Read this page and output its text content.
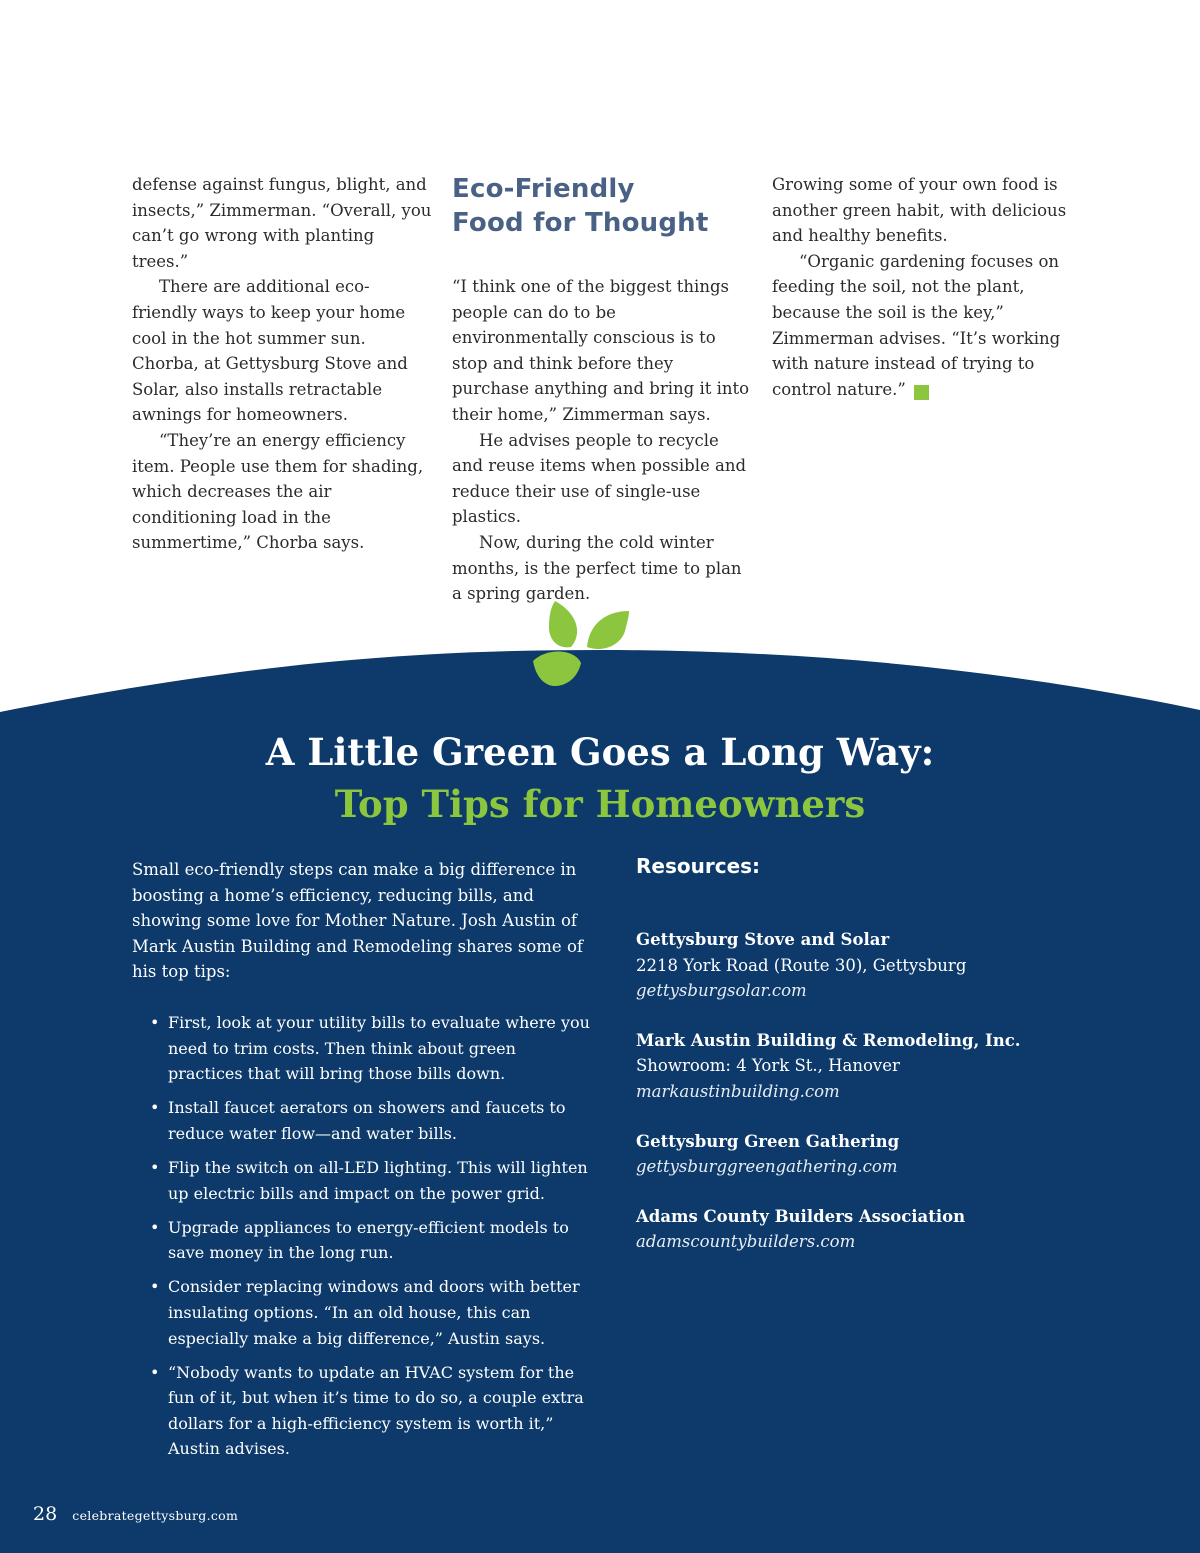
defense against fungus, blight, and insects,” Zimmerman. “Overall, you can’t go wrong with planting trees.”

There are additional eco-friendly ways to keep your home cool in the hot summer sun. Chorba, at Gettysburg Stove and Solar, also installs retractable awnings for homeowners.

“They’re an energy efficiency item. People use them for shading, which decreases the air conditioning load in the summertime,” Chorba says.

Eco-Friendly
Food for Thought

“I think one of the biggest things people can do to be environmentally conscious is to stop and think before they purchase anything and bring it into their home,” Zimmerman says.

He advises people to recycle and reuse items when possible and reduce their use of single-use plastics.

Now, during the cold winter months, is the perfect time to plan a spring garden.

Growing some of your own food is another green habit, with delicious and healthy benefits.

“Organic gardening focuses on feeding the soil, not the plant, because the soil is the key,” Zimmerman advises. “It’s working with nature instead of trying to control nature.”	G

A Little Green Goes a Long Way:
Top Tips for Homeowners

Small eco-friendly steps can make a big difference in boosting a home’s efficiency, reducing bills, and showing some love for Mother Nature. Josh Austin of Mark Austin Building and Remodeling shares some of his top tips:

• First, look at your utility bills to evaluate where you need to trim costs. Then think about green practices that will bring those bills down.
• Install faucet aerators on showers and faucets to reduce water flow—and water bills.
• Flip the switch on all-LED lighting. This will lighten up electric bills and impact on the power grid.
• Upgrade appliances to energy-efficient models to save money in the long run.
• Consider replacing windows and doors with better insulating options. “In an old house, this can especially make a big difference,” Austin says.
• “Nobody wants to update an HVAC system for the fun of it, but when it’s time to do so, a couple extra dollars for a high-efficiency system is worth it,” Austin advises.
Resources:
Gettysburg Stove and Solar
2218 York Road (Route 30), Gettysburg
gettysburgsolar.com
Mark Austin Building & Remodeling, Inc.
Showroom: 4 York St., Hanover
markaustinbuilding.com
Gettysburg Green Gathering
gettysburggreengathering.com
Adams County Builders Association
adamscountybuilders.com
28 celebrategettysburg.com
